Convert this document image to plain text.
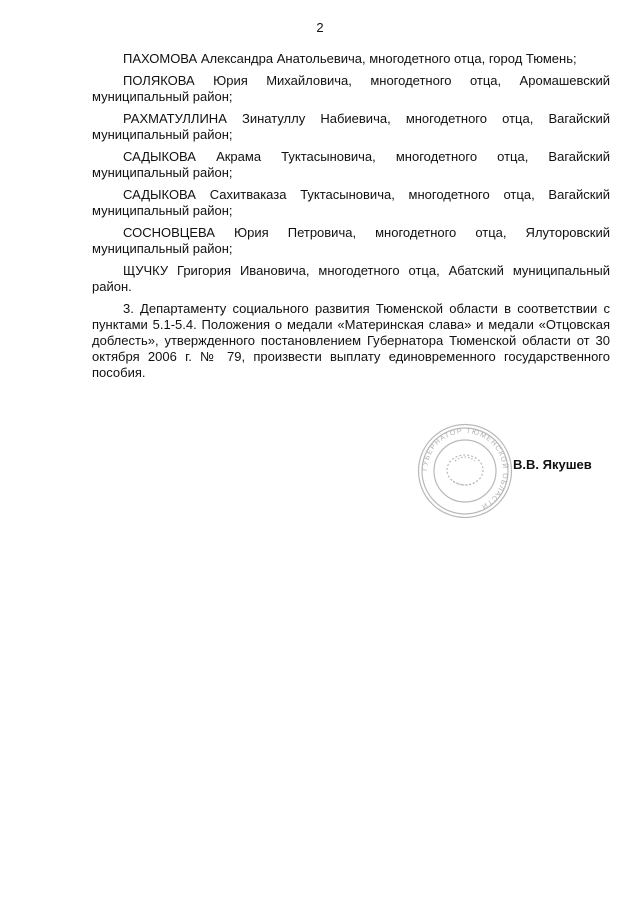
2

ПАХОМОВА Александра Анатольевича, многодетного отца, город Тюмень;

ПОЛЯКОВА Юрия Михайловича, многодетного отца, Аромашевский муниципальный район;

РАХМАТУЛЛИНА Зинатуллу Набиевича, многодетного отца, Вагайский муниципальный район;

САДЫКОВА Акрама Туктасыновича, многодетного отца, Вагайский муниципальный район;

САДЫКОВА Сахитваказа Туктасыновича, многодетного отца, Вагайский муниципальный район;

СОСНОВЦЕВА Юрия Петровича, многодетного отца, Ялуторовский муниципальный район;

ЩУЧКУ Григория Ивановича, многодетного отца, Абатский муниципальный район.

3. Департаменту социального развития Тюменской области в соответствии с пунктами 5.1-5.4. Положения о медали «Материнская слава» и медали «Отцовская доблесть», утвержденного постановлением Губернатора Тюменской области от 30 октября 2006 г. № 79, произвести выплату единовременного государственного пособия.

ГУБЕРНАТОР ТЮМЕНСКОЙ ОБЛАСТИ
В.В. Якушев
